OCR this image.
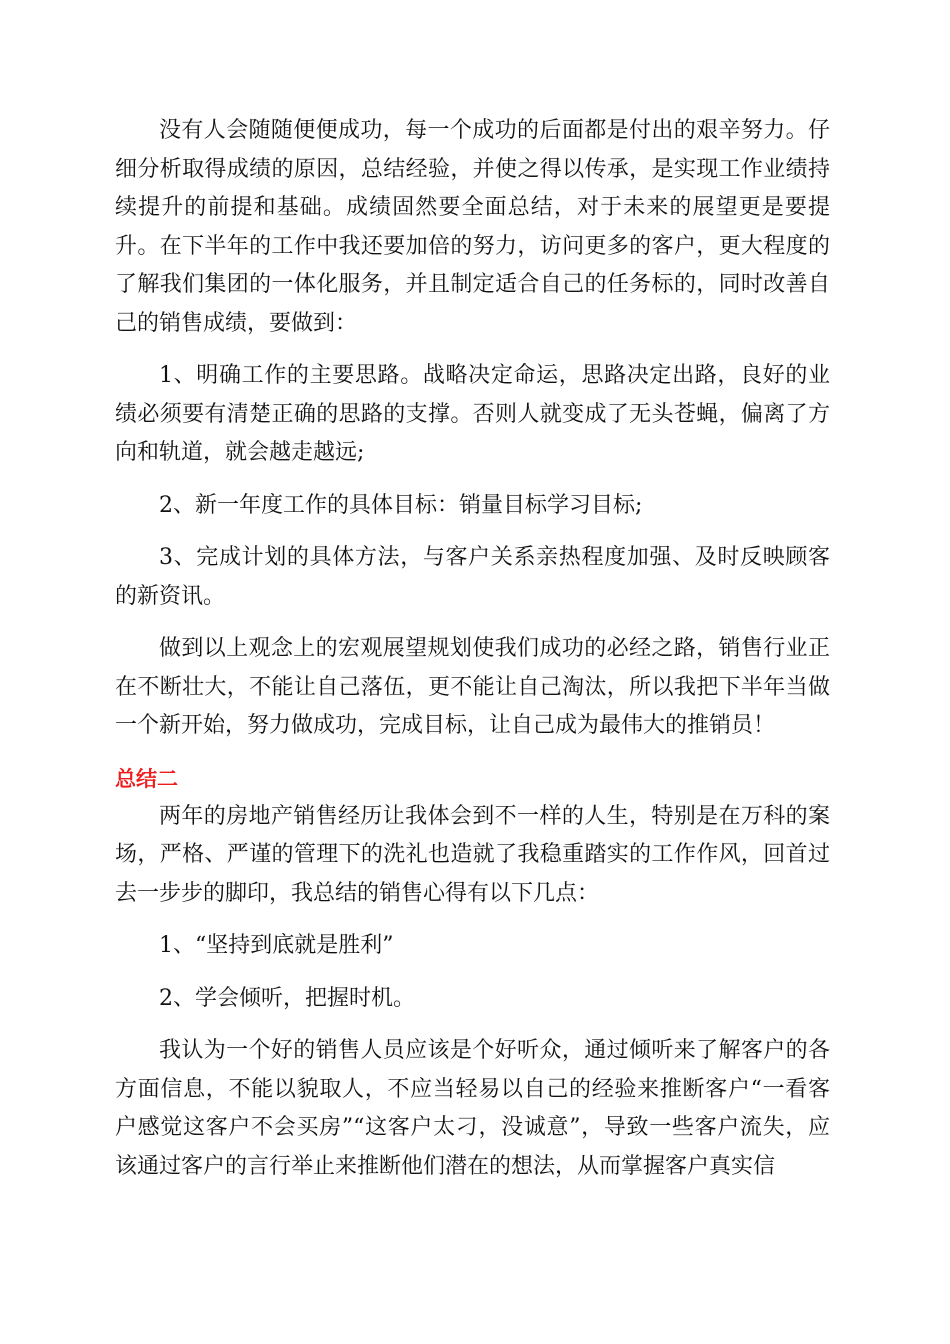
没有人会随随便便成功，每一个成功的后面都是付出的艰辛努力。仔细分析取得成绩的原因，总结经验，并使之得以传承，是实现工作业绩持续提升的前提和基础。成绩固然要全面总结，对于未来的展望更是要提升。在下半年的工作中我还要加倍的努力，访问更多的客户，更大程度的了解我们集团的一体化服务，并且制定适合自己的任务标的，同时改善自己的销售成绩，要做到：

1、明确工作的主要思路。战略决定命运，思路决定出路，良好的业绩必须要有清楚正确的思路的支撑。否则人就变成了无头苍蝇，偏离了方向和轨道，就会越走越远;

2、新一年度工作的具体目标：销量目标学习目标;

3、完成计划的具体方法，与客户关系亲热程度加强、及时反映顾客的新资讯。

做到以上观念上的宏观展望规划使我们成功的必经之路，销售行业正在不断壮大，不能让自己落伍，更不能让自己淘汰，所以我把下半年当做一个新开始，努力做成功，完成目标，让自己成为最伟大的推销员！

总结二

两年的房地产销售经历让我体会到不一样的人生，特别是在万科的案场，严格、严谨的管理下的洗礼也造就了我稳重踏实的工作作风，回首过去一步步的脚印，我总结的销售心得有以下几点：

1、“坚持到底就是胜利”

2、学会倾听，把握时机。

我认为一个好的销售人员应该是个好听众，通过倾听来了解客户的各方面信息，不能以貌取人，不应当轻易以自己的经验来推断客户“一看客户感觉这客户不会买房”“这客户太刁，没诚意”，导致一些客户流失，应该通过客户的言行举止来推断他们潜在的想法，从而掌握客户真实信
